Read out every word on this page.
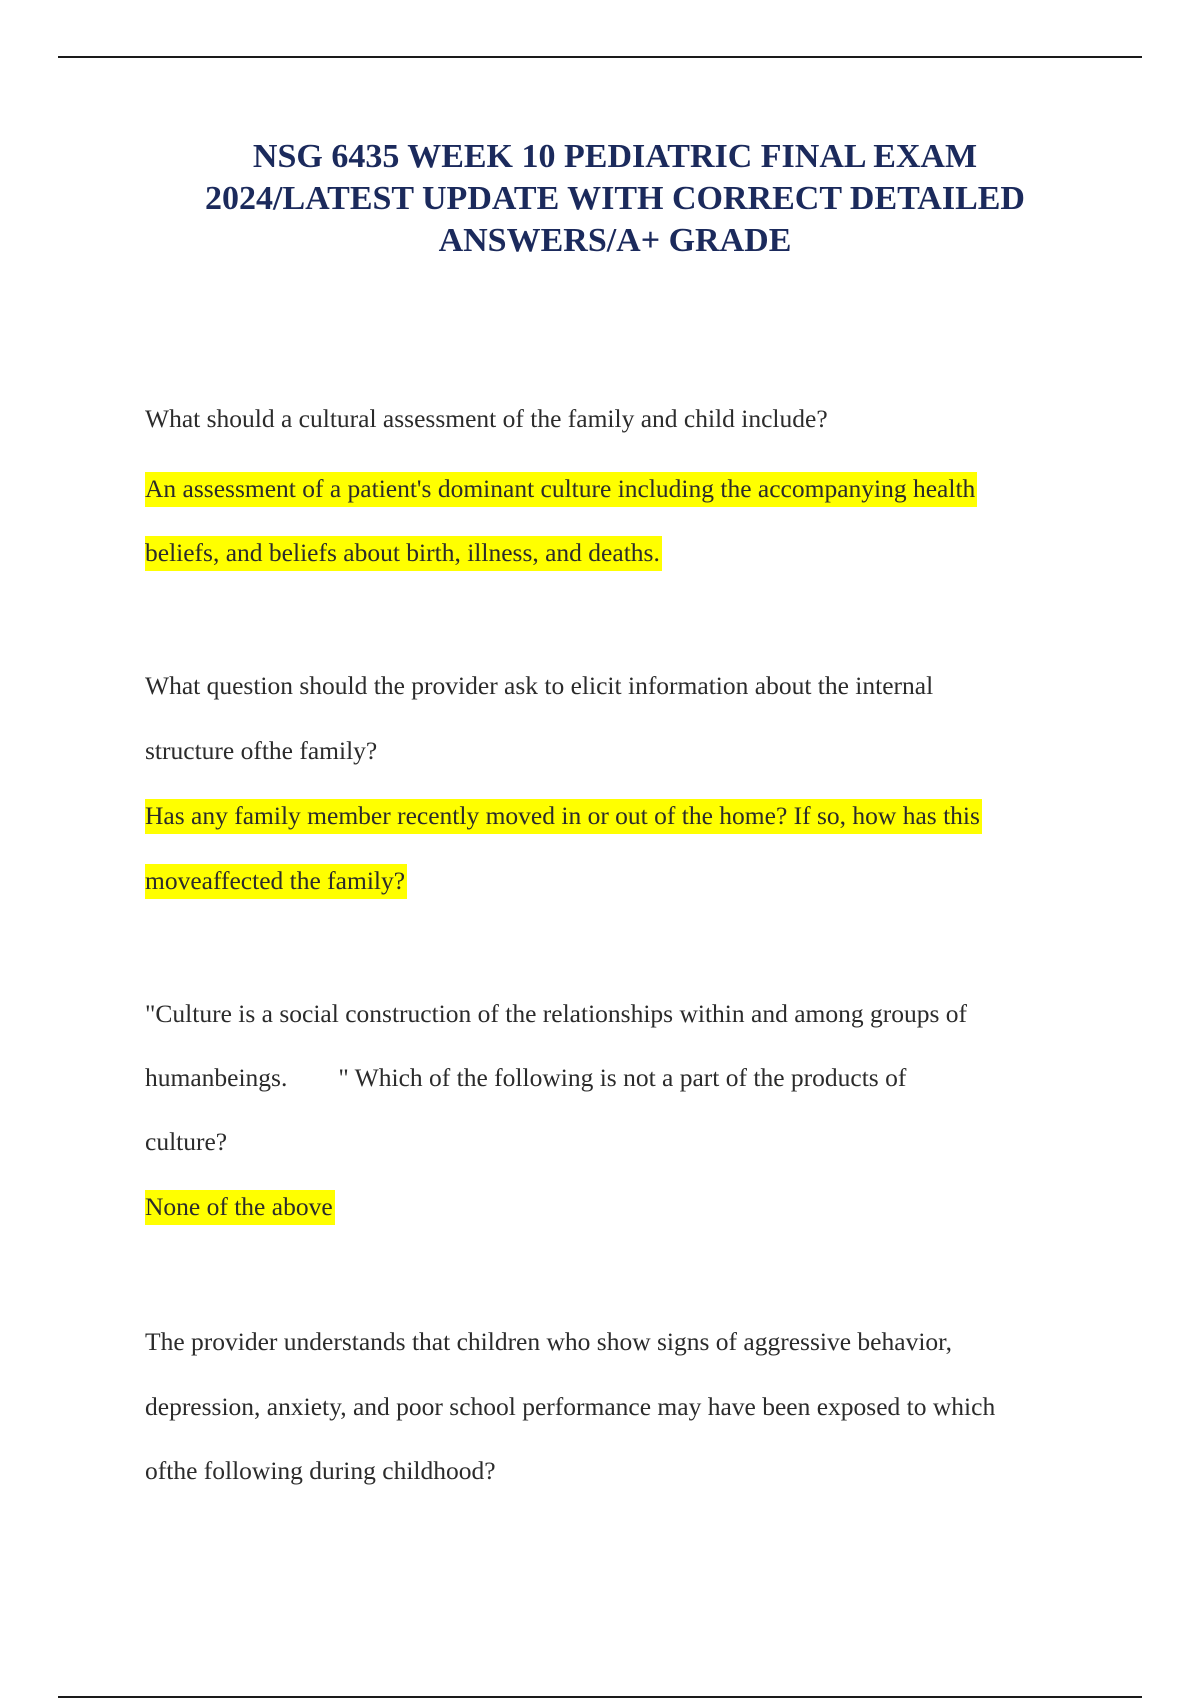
NSG 6435 WEEK 10 PEDIATRIC FINAL EXAM
2024/LATEST UPDATE WITH CORRECT DETAILED
ANSWERS/A+ GRADE
What should a cultural assessment of the family and child include?
An assessment of a patient's dominant culture including the accompanying health
beliefs, and beliefs about birth, illness, and deaths.
What question should the provider ask to elicit information about the internal
structure ofthe family?
Has any family member recently moved in or out of the home? If so, how has this
moveaffected the family?
"Culture is a social construction of the relationships within and among groups of
humanbeings.        " Which of the following is not a part of the products of
culture?
None of the above
The provider understands that children who show signs of aggressive behavior,
depression, anxiety, and poor school performance may have been exposed to which
ofthe following during childhood?
